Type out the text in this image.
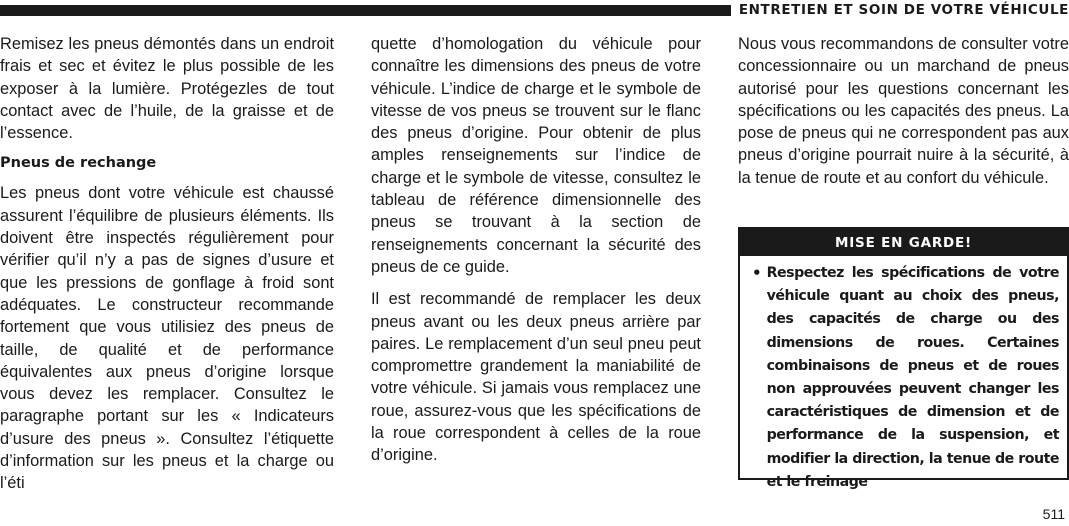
ENTRETIEN ET SOIN DE VOTRE VÉHICULE

Remisez les pneus démontés dans un endroit frais et sec et évitez le plus possible de les exposer à la lumière. Protégezles de tout contact avec de l’huile, de la graisse et de l’essence.

Pneus de rechange

Les pneus dont votre véhicule est chaussé assurent l’équilibre de plusieurs éléments. Ils doivent être inspectés régulièrement pour vérifier qu’il n’y a pas de signes d’usure et que les pressions de gonflage à froid sont adéquates. Le constructeur recommande fortement que vous utilisiez des pneus de taille, de qualité et de performance équivalentes aux pneus d’origine lorsque vous devez les remplacer. Consultez le paragraphe portant sur les « Indicateurs d’usure des pneus ». Consultez l’étiquette d’information sur les pneus et la charge ou l’éti

quette d’homologation du véhicule pour connaître les dimensions des pneus de votre véhicule. L’indice de charge et le symbole de vitesse de vos pneus se trouvent sur le flanc des pneus d’origine. Pour obtenir de plus amples renseignements sur l’indice de charge et le symbole de vitesse, consultez le tableau de référence dimensionnelle des pneus se trouvant à la section de renseignements concernant la sécurité des pneus de ce guide.

Il est recommandé de remplacer les deux pneus avant ou les deux pneus arrière par paires. Le remplacement d’un seul pneu peut compromettre grandement la maniabilité de votre véhicule. Si jamais vous remplacez une roue, assurez-vous que les spécifications de la roue correspondent à celles de la roue d’origine.

Nous vous recommandons de consulter votre concessionnaire ou un marchand de pneus autorisé pour les questions concernant les spécifications ou les capacités des pneus. La pose de pneus qui ne correspondent pas aux pneus d’origine pourrait nuire à la sécurité, à la tenue de route et au confort du véhicule.

MISE EN GARDE!
• Respectez les spécifications de votre véhicule quant au choix des pneus, des capacités de charge ou des dimensions de roues. Certaines combinaisons de pneus et de roues non approuvées peuvent changer les caractéristiques de dimension et de performance de la suspension, et modifier la direction, la tenue de route et le freinage

511
